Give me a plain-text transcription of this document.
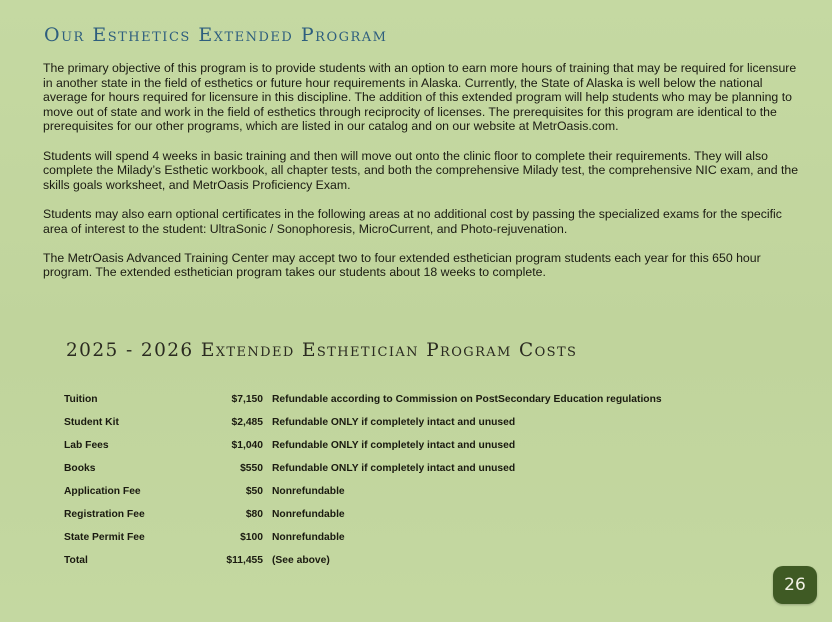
Our Esthetics Extended Program

The primary objective of this program is to provide students with an option to earn more hours of training that may be required for licensure in another state in the field of esthetics or future hour requirements in Alaska. Currently, the State of Alaska is well below the national average for hours required for licensure in this discipline. The addition of this extended program will help students who may be planning to move out of state and work in the field of esthetics through reciprocity of licenses. The prerequisites for this program are identical to the prerequisites for our other programs, which are listed in our catalog and on our website at MetrOasis.com.

Students will spend 4 weeks in basic training and then will move out onto the clinic floor to complete their requirements. They will also complete the Milady’s Esthetic workbook, all chapter tests, and both the comprehensive Milady test, the comprehensive NIC exam, and the skills goals worksheet, and MetrOasis Proficiency Exam.

Students may also earn optional certificates in the following areas at no additional cost by passing the specialized exams for the specific area of interest to the student: UltraSonic / Sonophoresis, MicroCurrent, and Photo-rejuvenation.

The MetrOasis Advanced Training Center may accept two to four extended esthetician program students each year for this 650 hour program. The extended esthetician program takes our students about 18 weeks to complete.

2025 - 2026 Extended Esthetician Program Costs
Tuition	$7,150 Refundable according to Commission on PostSecondary Education regulations
Student Kit	$2,485 Refundable ONLY if completely intact and unused
Lab Fees	$1,040 Refundable ONLY if completely intact and unused
Books	$550 Refundable ONLY if completely intact and unused
Application Fee	$50 Nonrefundable
Registration Fee	$80 Nonrefundable
State Permit Fee	$100 Nonrefundable
Total	$11,455 (See above)
26
